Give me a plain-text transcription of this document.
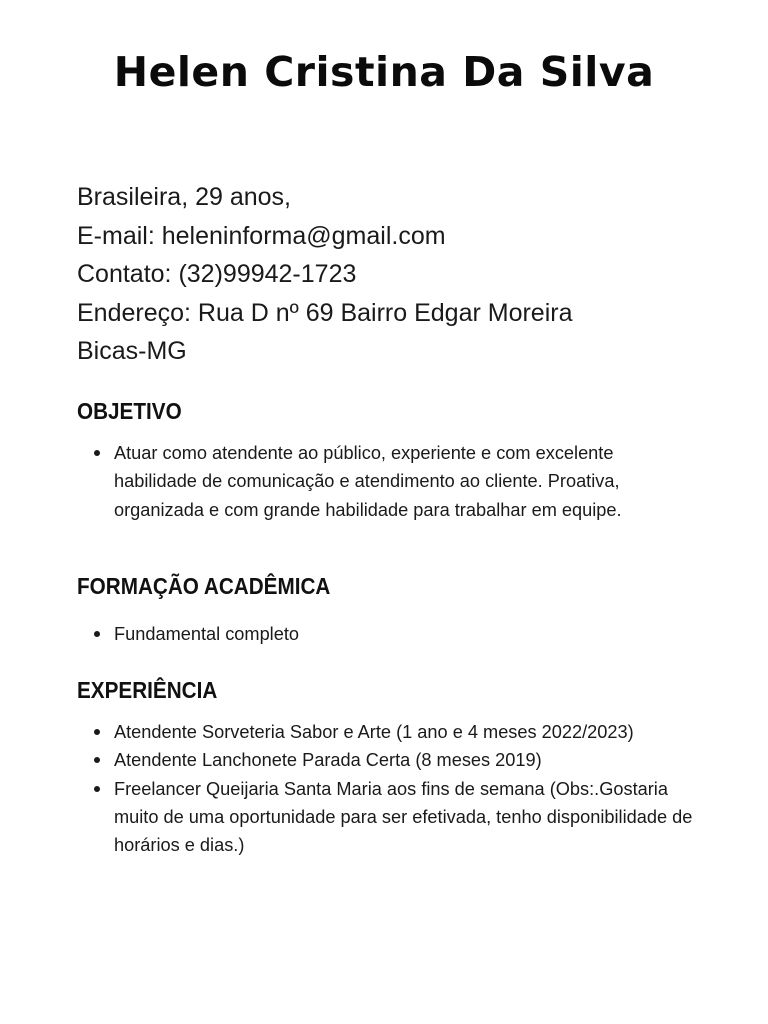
Helen Cristina Da Silva
Brasileira, 29 anos,
E-mail: heleninforma@gmail.com
Contato: (32)99942-1723
Endereço: Rua D nº 69 Bairro Edgar Moreira
Bicas-MG
OBJETIVO
Atuar como atendente ao público, experiente e com excelente habilidade de comunicação e atendimento ao cliente. Proativa, organizada e com grande habilidade para trabalhar em equipe.
FORMAÇÃO ACADÊMICA
Fundamental completo
EXPERIÊNCIA
Atendente Sorveteria Sabor e Arte (1 ano e 4 meses 2022/2023)
Atendente Lanchonete Parada Certa (8 meses 2019)
Freelancer Queijaria Santa Maria aos fins de semana (Obs:.Gostaria muito de uma oportunidade para ser efetivada, tenho disponibilidade de horários e dias.)
